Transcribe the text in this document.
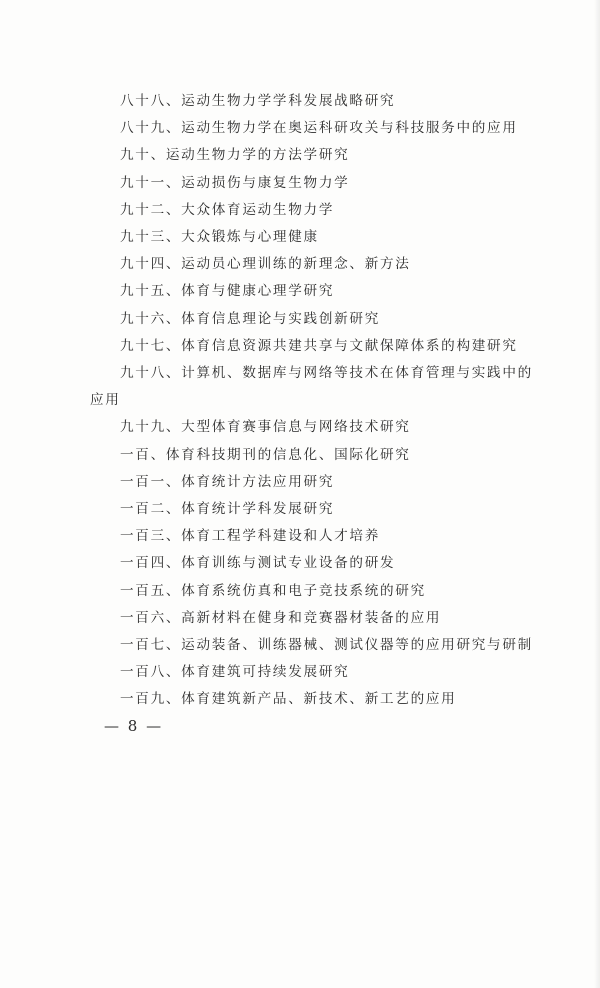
八十八、运动生物力学学科发展战略研究

八十九、运动生物力学在奥运科研攻关与科技服务中的应用

九十、运动生物力学的方法学研究

九十一、运动损伤与康复生物力学

九十二、大众体育运动生物力学

九十三、大众锻炼与心理健康

九十四、运动员心理训练的新理念、新方法

九十五、体育与健康心理学研究

九十六、体育信息理论与实践创新研究

九十七、体育信息资源共建共享与文献保障体系的构建研究

九十八、计算机、数据库与网络等技术在体育管理与实践中的应用

九十九、大型体育赛事信息与网络技术研究

一百、体育科技期刊的信息化、国际化研究

一百一、体育统计方法应用研究

一百二、体育统计学科发展研究

一百三、体育工程学科建设和人才培养

一百四、体育训练与测试专业设备的研发

一百五、体育系统仿真和电子竞技系统的研究

一百六、高新材料在健身和竞赛器材装备的应用

一百七、运动装备、训练器械、测试仪器等的应用研究与研制

一百八、体育建筑可持续发展研究

一百九、体育建筑新产品、新技术、新工艺的应用

— 8 —
